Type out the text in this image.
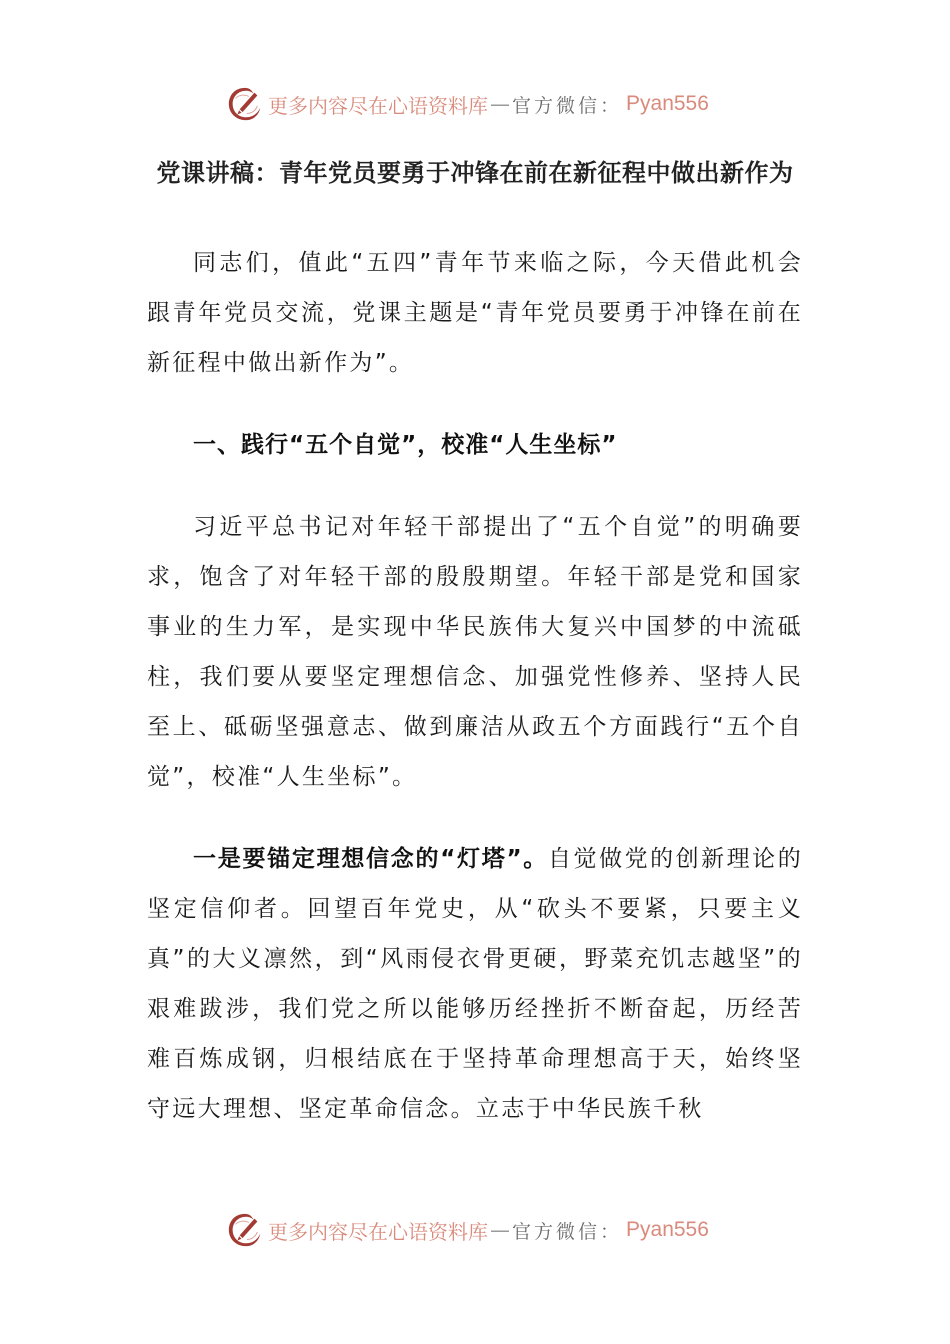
更多内容尽在心语资料库 — 官方微信： Pyan556
党课讲稿：青年党员要勇于冲锋在前在新征程中做出新作为

同志们，值此“五四”青年节来临之际，今天借此机会跟青年党员交流，党课主题是“青年党员要勇于冲锋在前在新征程中做出新作为”。

一、践行“五个自觉”，校准“人生坐标”

习近平总书记对年轻干部提出了“五个自觉”的明确要求，饱含了对年轻干部的殷殷期望。年轻干部是党和国家事业的生力军，是实现中华民族伟大复兴中国梦的中流砥柱，我们要从要坚定理想信念、加强党性修养、坚持人民至上、砥砺坚强意志、做到廉洁从政五个方面践行“五个自觉”，校准“人生坐标”。

一是要锚定理想信念的“灯塔”。自觉做党的创新理论的坚定信仰者。回望百年党史，从“砍头不要紧，只要主义真”的大义凛然，到“风雨侵衣骨更硬，野菜充饥志越坚”的艰难跋涉，我们党之所以能够历经挫折不断奋起，历经苦难百炼成钢，归根结底在于坚持革命理想高于天，始终坚守远大理想、坚定革命信念。立志于中华民族千秋

更多内容尽在心语资料库 — 官方微信： Pyan556
